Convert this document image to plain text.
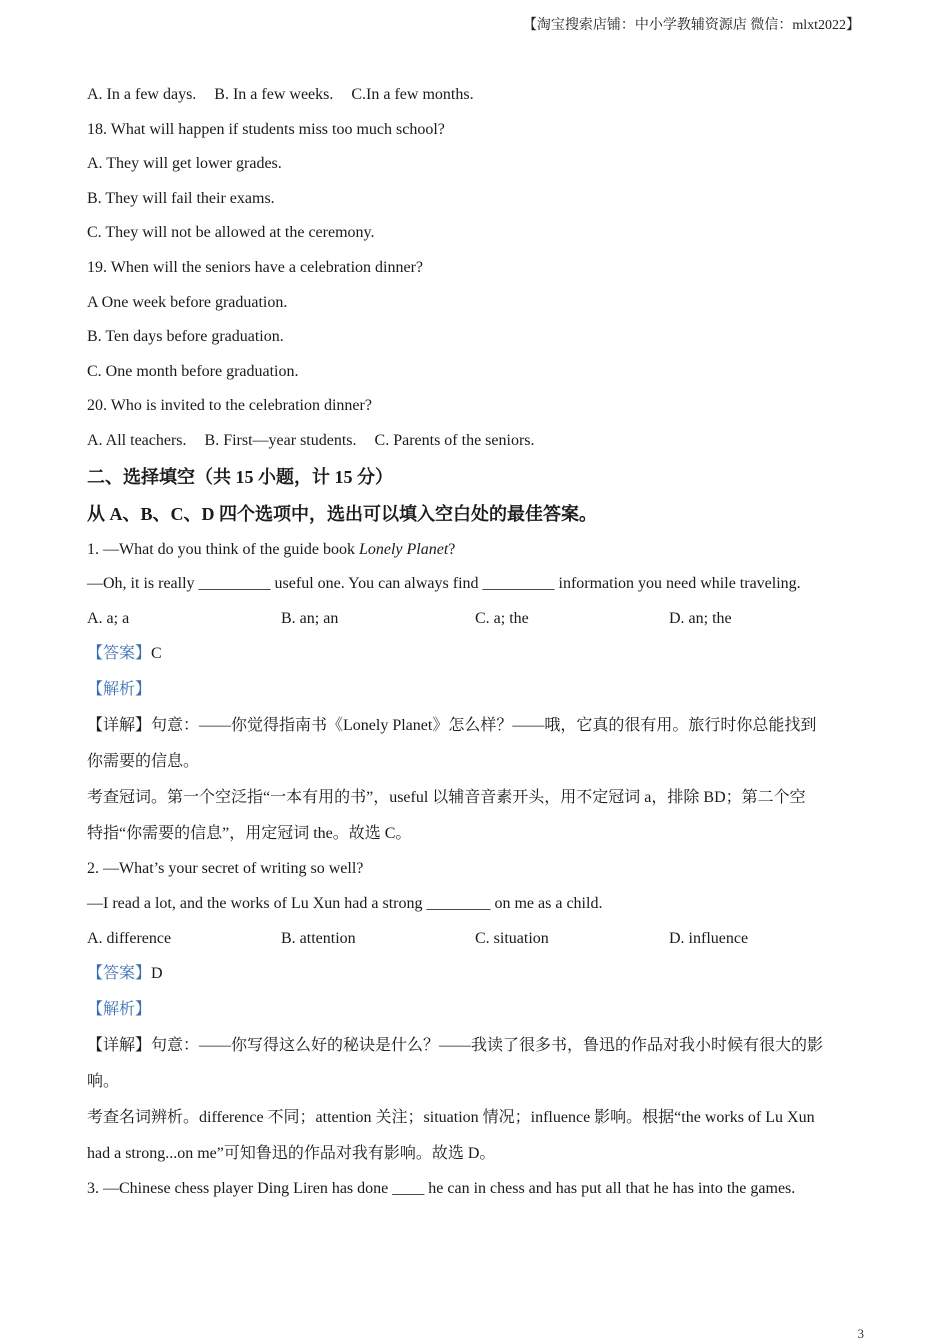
【淘宝搜索店铺：中小学教辅资源店 微信：mlxt2022】
A. In a few days. B. In a few weeks. C.In a few months.
18. What will happen if students miss too much school?
A. They will get lower grades.
B. They will fail their exams.
C. They will not be allowed at the ceremony.
19. When will the seniors have a celebration dinner?
A One week before graduation.
B. Ten days before graduation.
C. One month before graduation.
20. Who is invited to the celebration dinner?
A. All teachers. B. First—year students. C. Parents of the seniors.
二、选择填空（共 15 小题，计 15 分）
从 A、B、C、D 四个选项中，选出可以填入空白处的最佳答案。
1. —What do you think of the guide book Lonely Planet?
—Oh, it is really _________ useful one. You can always find _________ information you need while traveling.
A. a; a	B. an; an	C. a; the	D. an; the
【答案】C
【解析】
【详解】句意：——你觉得指南书《Lonely Planet》怎么样？——哦，它真的很有用。旅行时你总能找到
你需要的信息。
考查冠词。第一个空泛指“一本有用的书”，useful 以辅音音素开头，用不定冠词 a，排除 BD；第二个空
特指“你需要的信息”，用定冠词 the。故选 C。
2. —What’s your secret of writing so well?
—I read a lot, and the works of Lu Xun had a strong ________ on me as a child.
A. difference	B. attention	C. situation	D. influence
【答案】D
【解析】
【详解】句意：——你写得这么好的秘诀是什么？——我读了很多书，鲁迅的作品对我小时候有很大的影
响。
考查名词辨析。difference 不同；attention 关注；situation 情况；influence 影响。根据“the works of Lu Xun
had a strong...on me”可知鲁迅的作品对我有影响。故选 D。
3. —Chinese chess player Ding Liren has done ____ he can in chess and has put all that he has into the games.
3
